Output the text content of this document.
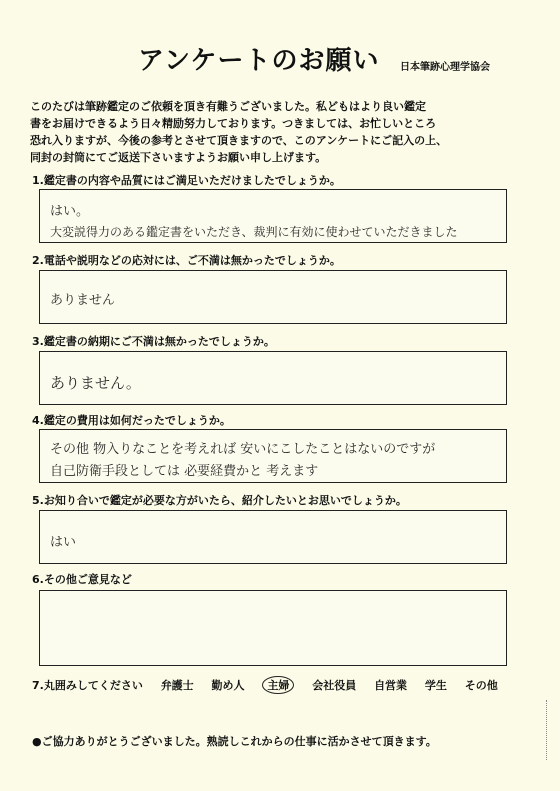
アンケートのお願い 日本筆跡心理学協会

このたびは筆跡鑑定のご依頼を頂き有難うございました。私どもはより良い鑑定

書をお届けできるよう日々精励努力しております。つきましては、お忙しいところ

恐れ入りますが、今後の参考とさせて頂きますので、このアンケートにご記入の上、

同封の封筒にてご返送下さいますようお願い申し上げます。

1.鑑定書の内容や品質にはご満足いただけましたでしょうか。
はい。
大変説得力のある鑑定書をいただき、裁判に有効に使わせていただきました
2.電話や説明などの応対には、ご不満は無かったでしょうか。
ありません
3.鑑定書の納期にご不満は無かったでしょうか。
ありません。
4.鑑定の費用は如何だったでしょうか。
その他 物入りなことを考えれば 安いにこしたことはないのですが
自己防衛手段としては 必要経費かと 考えます
5.お知り合いで鑑定が必要な方がいたら、紹介したいとお思いでしょうか。
はい
6.その他ご意見など
7.丸囲みしてください 弁護士 勤め人 主婦 会社役員 自営業 学生 その他
●ご協力ありがとうございました。熟読しこれからの仕事に活かさせて頂きます。
